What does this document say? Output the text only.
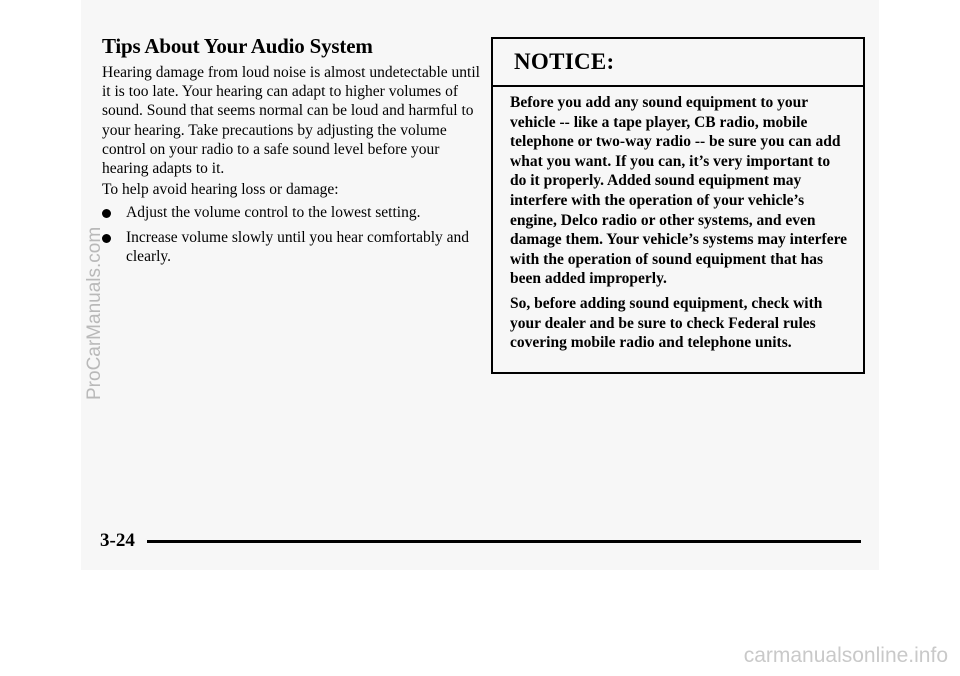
Tips About Your Audio System

Hearing damage from loud noise is almost undetectable until it is too late. Your hearing can adapt to higher volumes of sound. Sound that seems normal can be loud and harmful to your hearing. Take precautions by adjusting the volume control on your radio to a safe sound level before your hearing adapts to it.

To help avoid hearing loss or damage:

Adjust the volume control to the lowest setting.
Increase volume slowly until you hear comfortably and clearly.
NOTICE:

Before you add any sound equipment to your vehicle -- like a tape player, CB radio, mobile telephone or two-way radio -- be sure you can add what you want. If you can, it’s very important to do it properly. Added sound equipment may interfere with the operation of your vehicle’s engine, Delco radio or other systems, and even damage them. Your vehicle’s systems may interfere with the operation of sound equipment that has been added improperly.

So, before adding sound equipment, check with your dealer and be sure to check Federal rules covering mobile radio and telephone units.

3-24

carmanualsonline.info
